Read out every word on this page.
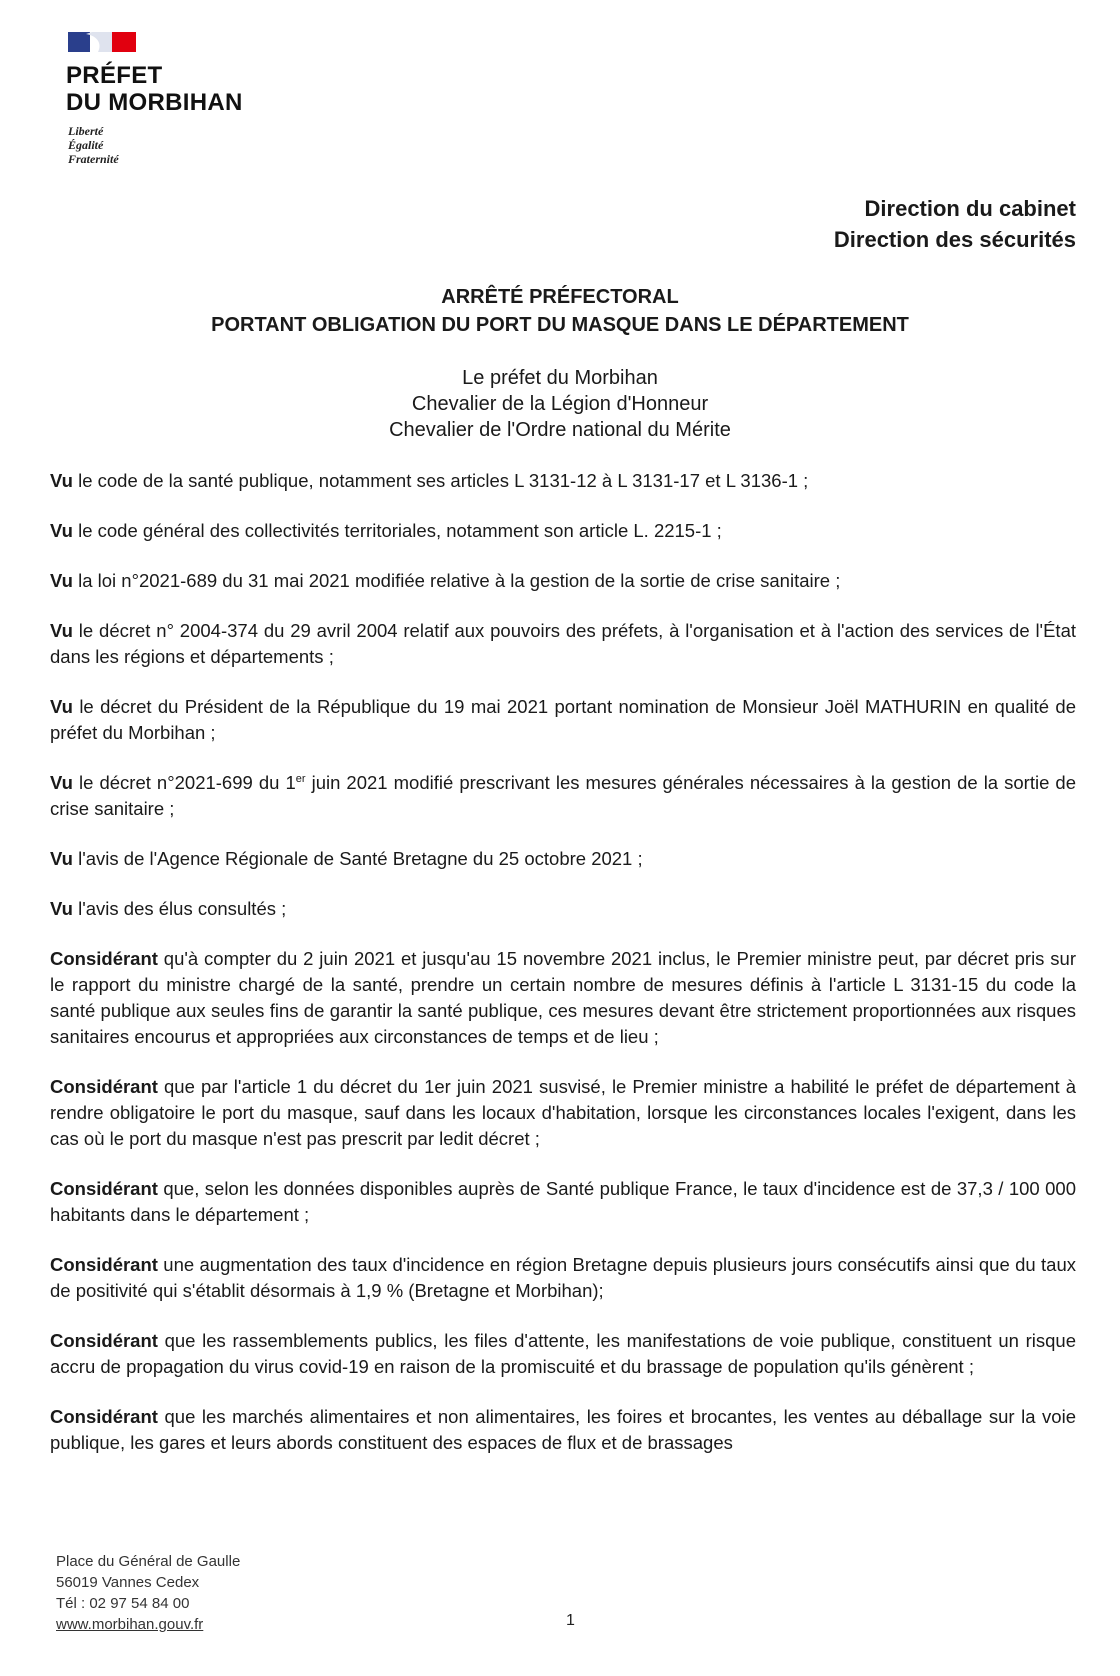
PRÉFET
DU MORBIHAN
Liberté
Égalité
Fraternité
Direction du cabinet
Direction des sécurités
ARRÊTÉ PRÉFECTORAL
PORTANT OBLIGATION DU PORT DU MASQUE DANS LE DÉPARTEMENT
Le préfet du Morbihan
Chevalier de la Légion d'Honneur
Chevalier de l'Ordre national du Mérite

Vu le code de la santé publique, notamment ses articles L 3131-12 à L 3131-17 et L 3136-1 ;

Vu le code général des collectivités territoriales, notamment son article L. 2215-1 ;

Vu la loi n°2021-689 du 31 mai 2021 modifiée relative à la gestion de la sortie de crise sanitaire ;

Vu le décret n° 2004-374 du 29 avril 2004 relatif aux pouvoirs des préfets, à l'organisation et à l'action des services de l'État dans les régions et départements ;

Vu le décret du Président de la République du 19 mai 2021 portant nomination de Monsieur Joël MATHURIN en qualité de préfet du Morbihan ;

Vu le décret n°2021-699 du 1er juin 2021 modifié prescrivant les mesures générales nécessaires à la gestion de la sortie de crise sanitaire ;

Vu l'avis de l'Agence Régionale de Santé Bretagne du 25 octobre 2021 ;

Vu l'avis des élus consultés ;

Considérant qu'à compter du 2 juin 2021 et jusqu'au 15 novembre 2021 inclus, le Premier ministre peut, par décret pris sur le rapport du ministre chargé de la santé, prendre un certain nombre de mesures définis à l'article L 3131-15 du code la santé publique aux seules fins de garantir la santé publique, ces mesures devant être strictement proportionnées aux risques sanitaires encourus et appropriées aux circonstances de temps et de lieu ;

Considérant que par l'article 1 du décret du 1er juin 2021 susvisé, le Premier ministre a habilité le préfet de département à rendre obligatoire le port du masque, sauf dans les locaux d'habitation, lorsque les circonstances locales l'exigent, dans les cas où le port du masque n'est pas prescrit par ledit décret ;

Considérant que, selon les données disponibles auprès de Santé publique France, le taux d'incidence est de 37,3 / 100 000 habitants dans le département ;

Considérant une augmentation des taux d'incidence en région Bretagne depuis plusieurs jours consécutifs ainsi que du taux de positivité qui s'établit désormais à 1,9 % (Bretagne et Morbihan);

Considérant que les rassemblements publics, les files d'attente, les manifestations de voie publique, constituent un risque accru de propagation du virus covid-19 en raison de la promiscuité et du brassage de population qu'ils génèrent ;

Considérant que les marchés alimentaires et non alimentaires, les foires et brocantes, les ventes au déballage sur la voie publique, les gares et leurs abords constituent des espaces de flux et de brassages

Place du Général de Gaulle
56019 Vannes Cedex
Tél : 02 97 54 84 00
www.morbihan.gouv.fr	1
